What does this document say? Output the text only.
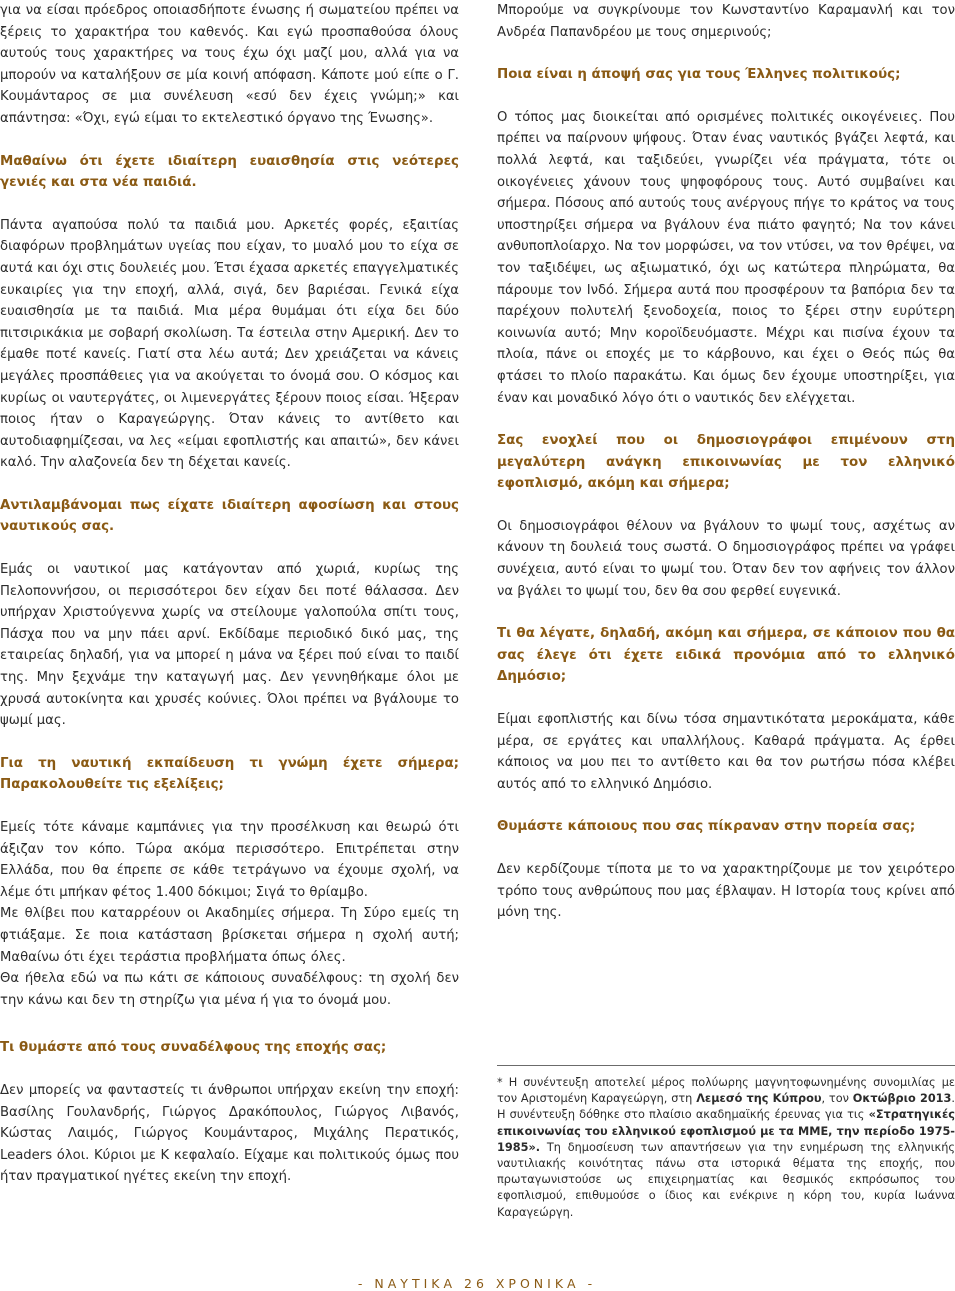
για να είσαι πρόεδρος οποιασδήποτε ένωσης ή σωματείου πρέπει να ξέρεις το χαρακτήρα του καθενός. Και εγώ προσπαθούσα όλους αυτούς τους χαρακτήρες να τους έχω όχι μαζί μου, αλλά για να μπορούν να καταλήξουν σε μία κοινή απόφαση. Κάποτε μού είπε ο Γ. Κουμάνταρος σε μια συνέλευση «εσύ δεν έχεις γνώμη;» και απάντησα: «Όχι, εγώ είμαι το εκτελεστικό όργανο της Ένωσης».

Μαθαίνω ότι έχετε ιδιαίτερη ευαισθησία στις νεότερες γενιές και στα νέα παιδιά.

Πάντα αγαπούσα πολύ τα παιδιά μου. Αρκετές φορές, εξαιτίας διαφόρων προβλημάτων υγείας που είχαν, το μυαλό μου το είχα σε αυτά και όχι στις δουλειές μου. Έτσι έχασα αρκετές επαγγελματικές ευκαιρίες για την εποχή, αλλά, σιγά, δεν βαριέσαι. Γενικά είχα ευαισθησία με τα παιδιά. Μια μέρα θυμάμαι ότι είχα δει δύο πιτσιρικάκια με σοβαρή σκολίωση. Τα έστειλα στην Αμερική. Δεν το έμαθε ποτέ κανείς. Γιατί στα λέω αυτά; Δεν χρειάζεται να κάνεις μεγάλες προσπάθειες για να ακούγεται το όνομά σου. Ο κόσμος και κυρίως οι ναυτεργάτες, οι λιμενεργάτες ξέρουν ποιος είσαι. Ήξεραν ποιος ήταν ο Καραγεώργης. Όταν κάνεις το αντίθετο και αυτοδιαφημίζεσαι, να λες «είμαι εφοπλιστής και απαιτώ», δεν κάνει καλό. Την αλαζονεία δεν τη δέχεται κανείς.

Αντιλαμβάνομαι πως είχατε ιδιαίτερη αφοσίωση και στους ναυτικούς σας.

Εμάς οι ναυτικοί μας κατάγονταν από χωριά, κυρίως της Πελοποννήσου, οι περισσότεροι δεν είχαν δει ποτέ θάλασσα. Δεν υπήρχαν Χριστούγεννα χωρίς να στείλουμε γαλοπούλα σπίτι τους, Πάσχα που να μην πάει αρνί. Εκδίδαμε περιοδικό δικό μας, της εταιρείας δηλαδή, για να μπορεί η μάνα να ξέρει πού είναι το παιδί της. Μην ξεχνάμε την καταγωγή μας. Δεν γεννηθήκαμε όλοι με χρυσά αυτοκίνητα και χρυσές κούνιες. Όλοι πρέπει να βγάλουμε το ψωμί μας.

Για τη ναυτική εκπαίδευση τι γνώμη έχετε σήμερα; Παρακολουθείτε τις εξελίξεις;

Εμείς τότε κάναμε καμπάνιες για την προσέλκυση και θεωρώ ότι άξιζαν τον κόπο. Τώρα ακόμα περισσότερο. Επιτρέπεται στην Ελλάδα, που θα έπρεπε σε κάθε τετράγωνο να έχουμε σχολή, να λέμε ότι μπήκαν φέτος 1.400 δόκιμοι; Σιγά το θρίαμβο.

Με θλίβει που καταρρέουν οι Ακαδημίες σήμερα. Τη Σύρο εμείς τη φτιάξαμε. Σε ποια κατάσταση βρίσκεται σήμερα η σχολή αυτή; Μαθαίνω ότι έχει τεράστια προβλήματα όπως όλες.

Θα ήθελα εδώ να πω κάτι σε κάποιους συναδέλφους: τη σχολή δεν την κάνω και δεν τη στηρίζω για μένα ή για το όνομά μου.

Τι θυμάστε από τους συναδέλφους της εποχής σας;

Δεν μπορείς να φανταστείς τι άνθρωποι υπήρχαν εκείνη την εποχή: Βασίλης Γουλανδρής, Γιώργος Δρακόπουλος, Γιώργος Λιβανός, Κώστας Λαιμός, Γιώργος Κουμάνταρος, Μιχάλης Περατικός, Leaders όλοι. Κύριοι με Κ κεφαλαίο. Είχαμε και πολιτικούς όμως που ήταν πραγματικοί ηγέτες εκείνη την εποχή.

Μπορούμε να συγκρίνουμε τον Κωνσταντίνο Καραμανλή και τον Ανδρέα Παπανδρέου με τους σημερινούς;

Ποια είναι η άποψή σας για τους Έλληνες πολιτικούς;

Ο τόπος μας διοικείται από ορισμένες πολιτικές οικογένειες. Που πρέπει να παίρνουν ψήφους. Όταν ένας ναυτικός βγάζει λεφτά, και πολλά λεφτά, και ταξιδεύει, γνωρίζει νέα πράγματα, τότε οι οικογένειες χάνουν τους ψηφοφόρους τους. Αυτό συμβαίνει και σήμερα. Πόσους από αυτούς τους ανέργους πήγε το κράτος να τους υποστηρίξει σήμερα να βγάλουν ένα πιάτο φαγητό; Να τον κάνει ανθυποπλοίαρχο. Να τον μορφώσει, να τον ντύσει, να τον θρέψει, να τον ταξιδέψει, ως αξιωματικό, όχι ως κατώτερα πληρώματα, θα πάρουμε τον Ινδό. Σήμερα αυτά που προσφέρουν τα βαπόρια δεν τα παρέχουν πολυτελή ξενοδοχεία, ποιος το ξέρει στην ευρύτερη κοινωνία αυτό; Μην κοροϊδευόμαστε. Μέχρι και πισίνα έχουν τα πλοία, πάνε οι εποχές με το κάρβουνο, και έχει ο Θεός πώς θα φτάσει το πλοίο παρακάτω. Και όμως δεν έχουμε υποστηρίξει, για έναν και μοναδικό λόγο ότι ο ναυτικός δεν ελέγχεται.

Σας ενοχλεί που οι δημοσιογράφοι επιμένουν στη μεγαλύτερη ανάγκη επικοινωνίας με τον ελληνικό εφοπλισμό, ακόμη και σήμερα;

Οι δημοσιογράφοι θέλουν να βγάλουν το ψωμί τους, ασχέτως αν κάνουν τη δουλειά τους σωστά. Ο δημοσιογράφος πρέπει να γράφει συνέχεια, αυτό είναι το ψωμί του. Όταν δεν τον αφήνεις τον άλλον να βγάλει το ψωμί του, δεν θα σου φερθεί ευγενικά.

Τι θα λέγατε, δηλαδή, ακόμη και σήμερα, σε κάποιον που θα σας έλεγε ότι έχετε ειδικά προνόμια από το ελληνικό Δημόσιο;

Είμαι εφοπλιστής και δίνω τόσα σημαντικότατα μεροκάματα, κάθε μέρα, σε εργάτες και υπαλλήλους. Καθαρά πράγματα. Ας έρθει κάποιος να μου πει το αντίθετο και θα τον ρωτήσω πόσα κλέβει αυτός από το ελληνικό Δημόσιο.

Θυμάστε κάποιους που σας πίκραναν στην πορεία σας;

Δεν κερδίζουμε τίποτα με το να χαρακτηρίζουμε με τον χειρότερο τρόπο τους ανθρώπους που μας έβλαψαν. Η Ιστορία τους κρίνει από μόνη της.

* Η συνέντευξη αποτελεί μέρος πολύωρης μαγνητοφωνημένης συνομιλίας με τον Αριστομένη Καραγεώργη, στη Λεμεσό της Κύπρου, τον Οκτώβριο 2013. Η συνέντευξη δόθηκε στο πλαίσιο ακαδημαϊκής έρευνας για τις «Στρατηγικές επικοινωνίας του ελληνικού εφοπλισμού με τα ΜΜΕ, την περίοδο 1975-1985». Τη δημοσίευση των απαντήσεων για την ενημέρωση της ελληνικής ναυτιλιακής κοινότητας πάνω στα ιστορικά θέματα της εποχής, που πρωταγωνιστούσε ως επιχειρηματίας και θεσμικός εκπρόσωπος του εφοπλισμού, επιθυμούσε ο ίδιος και ενέκρινε η κόρη του, κυρία Ιωάννα Καραγεώργη.
- ΝΑΥΤΙΚΑ 26 ΧΡΟΝΙΚΑ -
